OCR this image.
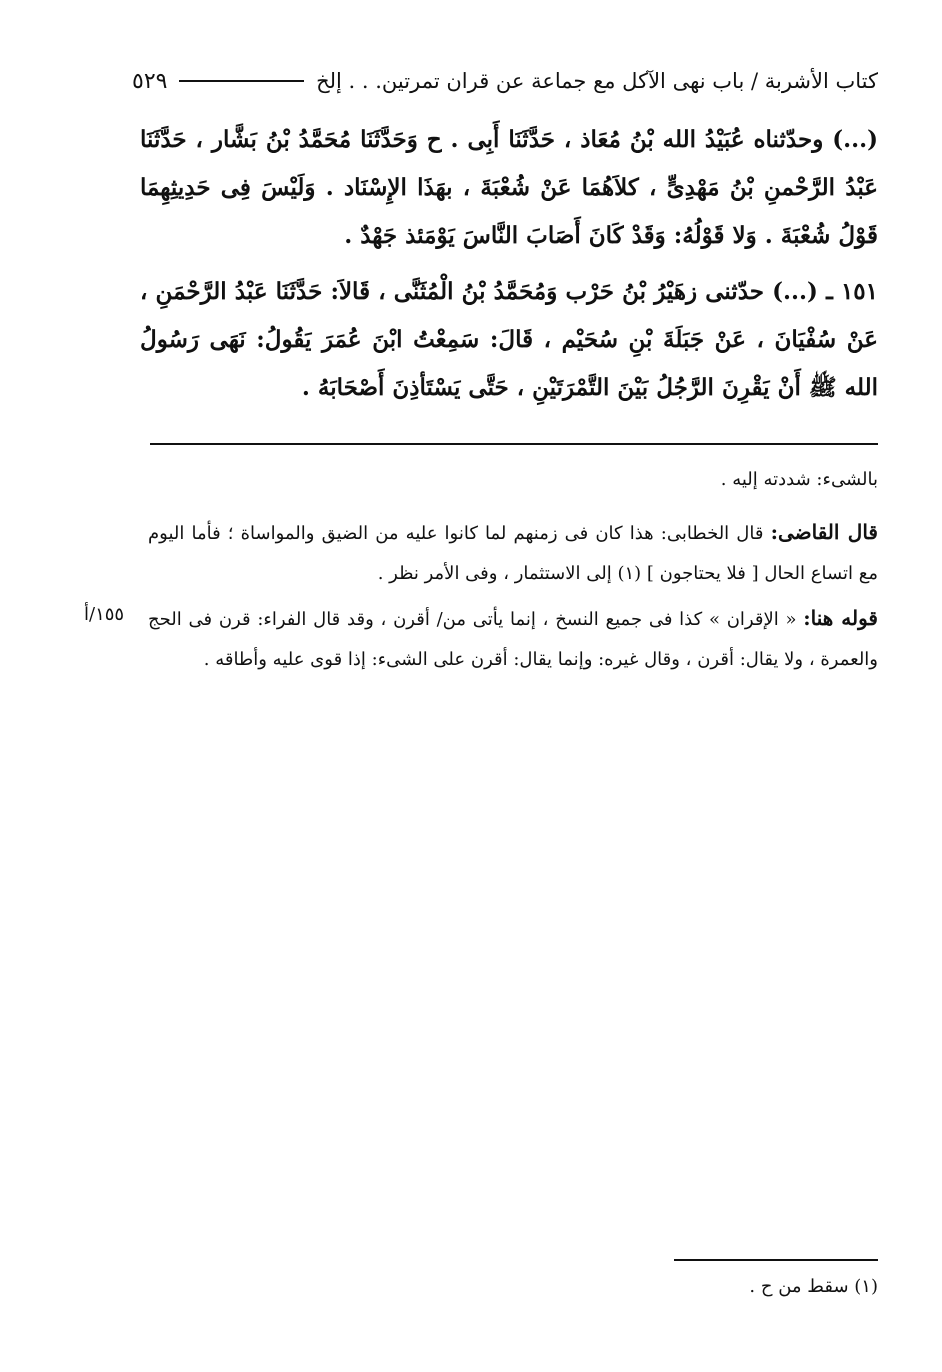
كتاب الأشربة / باب نهى الآكل مع جماعة عن قران تمرتين. . . إلخ
٥٢٩
(...) وحدّثناه عُبَيْدُ الله بْنُ مُعَاذ ، حَدَّثَنَا أَبِى . ح وَحَدَّثَنَا مُحَمَّدُ بْنُ بَشَّار ، حَدَّثَنَا عَبْدُ الرَّحْمنِ بْنُ مَهْدِىٍّ ، كلاَهُمَا عَنْ شُعْبَةَ ، بهَذَا الإِسْنَاد . وَلَيْسَ فِى حَدِيثِهِمَا قَوْلُ شُعْبَةَ . وَلا قَوْلُهُ: وَقَدْ كَانَ أَصَابَ النَّاسَ يَوْمَئذ جَهْدٌ .
١٥١ ـ (...) حدّثنى زهَيْرُ بْنُ حَرْب وَمُحَمَّدُ بْنُ الْمُثَنَّى ، قَالاَ: حَدَّثَنَا عَبْدُ الرَّحْمَنِ ، عَنْ سُفْيَانَ ، عَنْ جَبَلَةَ بْنِ سُحَيْم ، قَالَ: سَمِعْتُ ابْنَ عُمَرَ يَقُولُ: نَهَى رَسُولُ الله ﷺ أَنْ يَقْرِنَ الرَّجُلُ بَيْنَ التَّمْرَتَيْنِ ، حَتَّى يَسْتَأذِنَ أَصْحَابَهُ .
بالشىء: شددته إليه .
قال القاضى: قال الخطابى: هذا كان فى زمنهم لما كانوا عليه من الضيق والمواساة ؛ فأما اليوم مع اتساع الحال [ فلا يحتاجون ] (١) إلى الاستثمار ، وفى الأمر نظر .
قوله هنا: « الإقران » كذا فى جميع النسخ ، إنما يأتى من/ أقرن ، وقد قال الفراء: قرن فى الحج والعمرة ، ولا يقال: أقرن ، وقال غيره: وإنما يقال: أقرن على الشىء: إذا قوى عليه وأطاقه .
١٥٥/أ
(١) سقط من ح .
